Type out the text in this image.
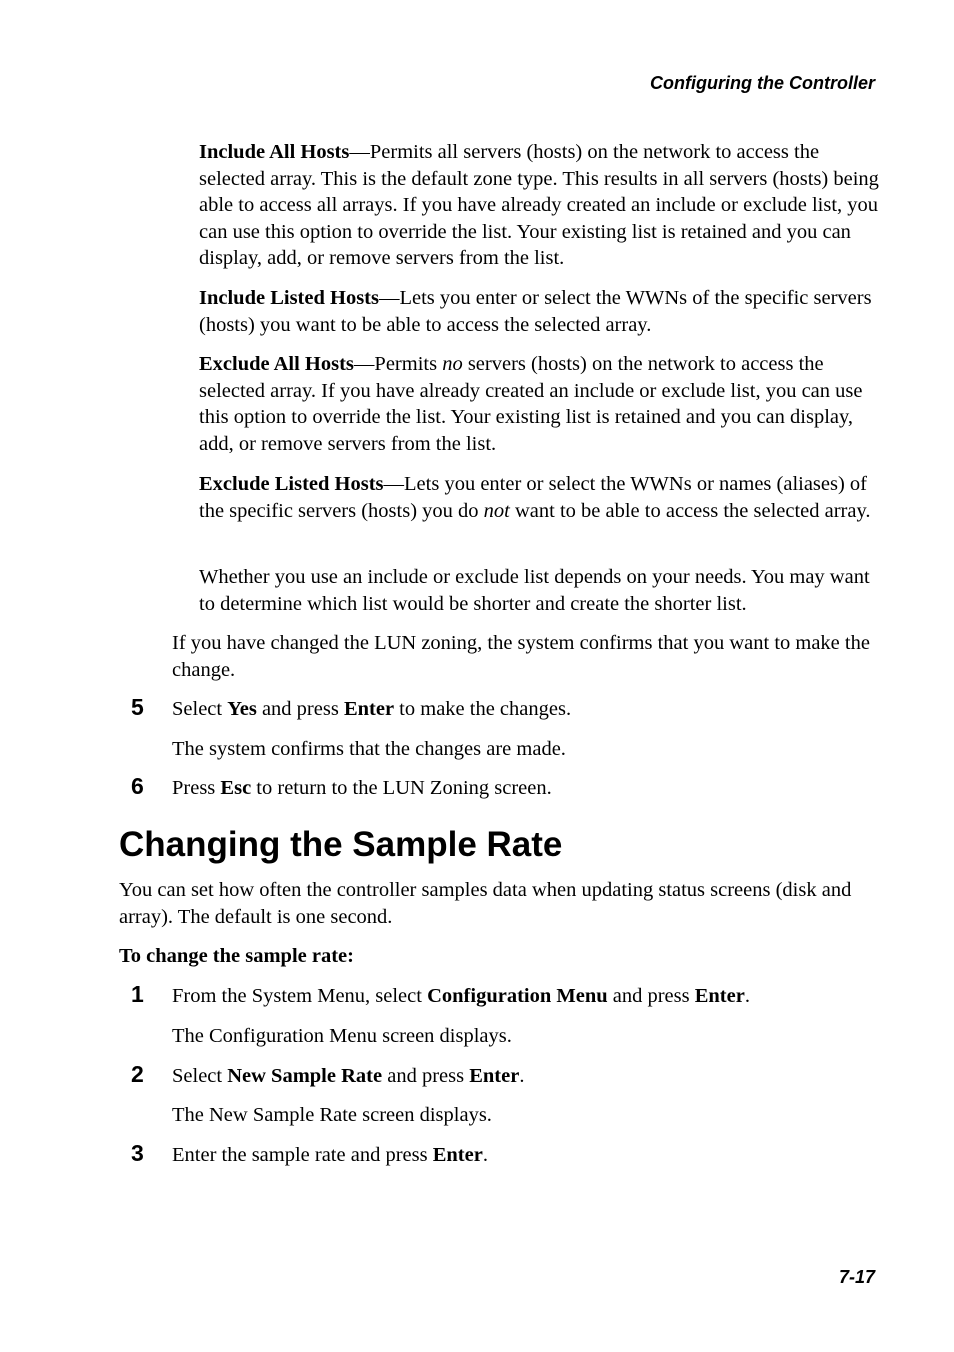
Configuring the Controller

Include All Hosts—Permits all servers (hosts) on the network to access the selected array. This is the default zone type. This results in all servers (hosts) being able to access all arrays. If you have already created an include or exclude list, you can use this option to override the list. Your existing list is retained and you can display, add, or remove servers from the list.

Include Listed Hosts—Lets you enter or select the WWNs of the specific servers (hosts) you want to be able to access the selected array.

Exclude All Hosts—Permits no servers (hosts) on the network to access the selected array. If you have already created an include or exclude list, you can use this option to override the list. Your existing list is retained and you can display, add, or remove servers from the list.

Exclude Listed Hosts—Lets you enter or select the WWNs or names (aliases) of the specific servers (hosts) you do not want to be able to access the selected array.

Whether you use an include or exclude list depends on your needs. You may want to determine which list would be shorter and create the shorter list.

If you have changed the LUN zoning, the system confirms that you want to make the change.

5 Select Yes and press Enter to make the changes.

The system confirms that the changes are made.

6 Press Esc to return to the LUN Zoning screen.

Changing the Sample Rate

You can set how often the controller samples data when updating status screens (disk and array). The default is one second.

To change the sample rate:

1 From the System Menu, select Configuration Menu and press Enter.

The Configuration Menu screen displays.

2 Select New Sample Rate and press Enter.

The New Sample Rate screen displays.

3 Enter the sample rate and press Enter.

7-17
